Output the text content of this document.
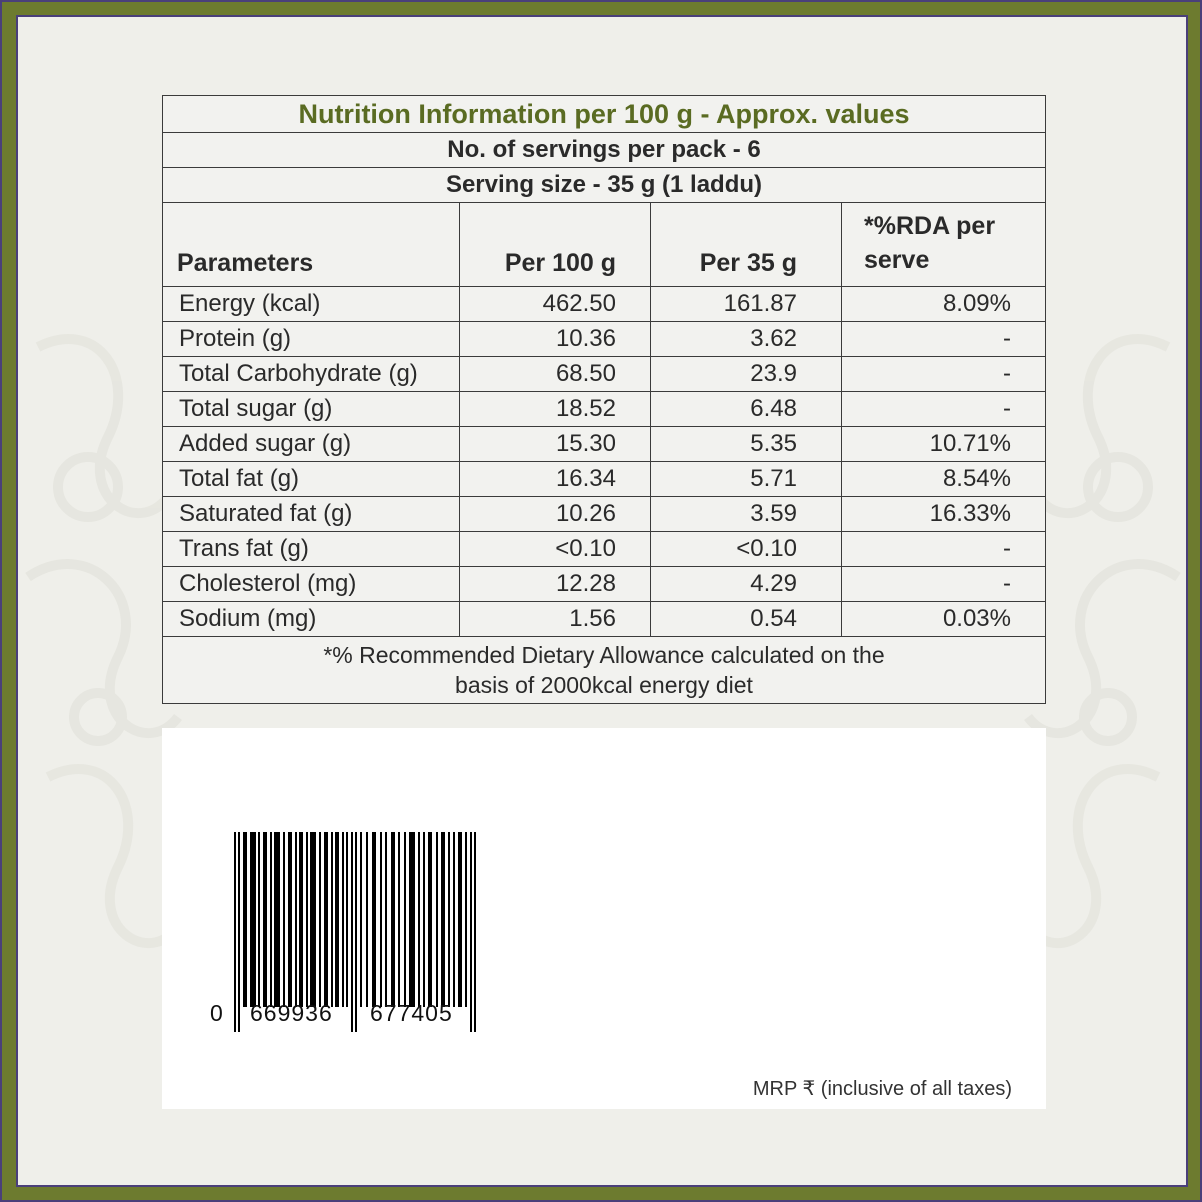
Nutrition Information per 100 g - Approx. values			
No. of servings per pack - 6			
Serving size - 35 g (1 laddu)			
Parameters	Per 100 g	Per 35 g	*%RDA per
serve

Energy (kcal)	462.50	161.87	8.09%
Protein (g)	10.36	3.62	-
Total Carbohydrate (g)	68.50	23.9	-
Total sugar (g)	18.52	6.48	-
Added sugar (g)	15.30	5.35	10.71%
Total fat (g)	16.34	5.71	8.54%
Saturated fat (g)	10.26	3.59	16.33%
Trans fat (g)	<0.10	<0.10	-
Cholesterol (mg)	12.28	4.29	-
Sodium (mg)	1.56	0.54	0.03%
*% Recommended Dietary Allowance calculated on the
basis of 2000kcal energy diet			
0 669936 677405
MRP ₹ (inclusive of all taxes)
